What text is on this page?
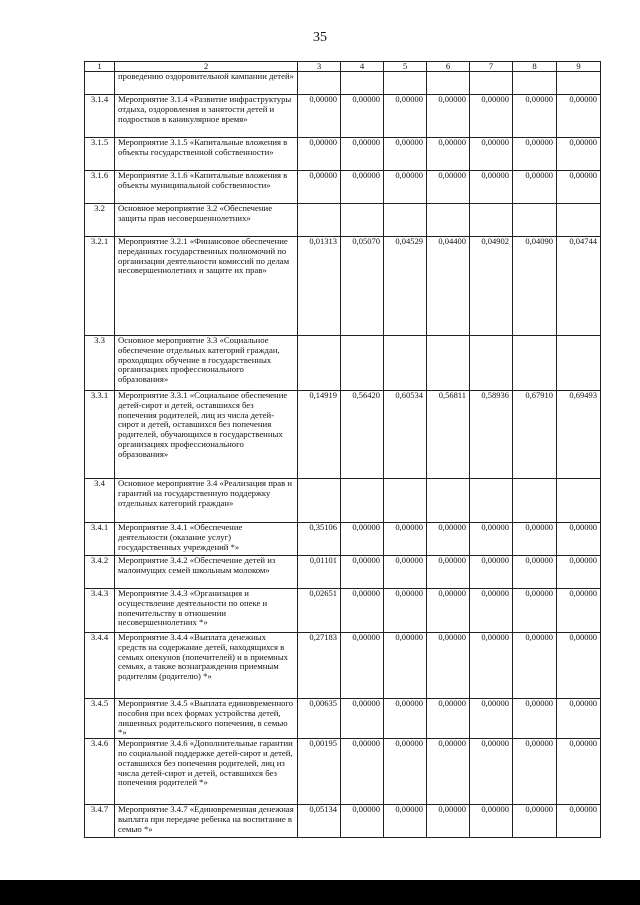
35
1	2	3	4	5	6	7	8	9
	проведению оздоровительной кампании детей»							
3.1.4	Мероприятие 3.1.4 «Развитие инфраструктуры отдыха, оздоровления и занятости детей и подростков в каникулярное время»	0,00000	0,00000	0,00000	0,00000	0,00000	0,00000	0,00000
3.1.5	Мероприятие 3.1.5 «Капитальные вложения в объекты государственной собственности»	0,00000	0,00000	0,00000	0,00000	0,00000	0,00000	0,00000
3.1.6	Мероприятие 3.1.6 «Капитальные вложения в объекты муниципальной собственности»	0,00000	0,00000	0,00000	0,00000	0,00000	0,00000	0,00000
3.2	Основное мероприятие 3.2 «Обеспечение защиты прав несовершеннолетних»							
3.2.1	Мероприятие 3.2.1 «Финансовое обеспечение переданных государственных полномочий по организации деятельности комиссий по делам несовершеннолетних и защите их прав»	0,01313	0,05070	0,04529	0,04400	0,04902	0,04090	0,04744
3.3	Основное мероприятие 3.3 «Социальное обеспечение отдельных категорий граждан, проходящих обучение в государственных организациях профессионального образования»							
3.3.1	Мероприятие 3.3.1 «Социальное обеспечение детей-сирот и детей, оставшихся без попечения родителей, лиц из числа детей-сирот и детей, оставшихся без попечения родителей, обучающихся в государственных организациях профессионального образования»	0,14919	0,56420	0,60534	0,56811	0,58936	0,67910	0,69493
3.4	Основное мероприятие 3.4 «Реализация прав и гарантий на государственную поддержку отдельных категорий граждан»							
3.4.1	Мероприятие 3.4.1 «Обеспечение деятельности (оказание услуг) государственных учреждений *»	0,35106	0,00000	0,00000	0,00000	0,00000	0,00000	0,00000
3.4.2	Мероприятие 3.4.2 «Обеспечение детей из малоимущих семей школьным молоком»	0,01101	0,00000	0,00000	0,00000	0,00000	0,00000	0,00000
3.4.3	Мероприятие 3.4.3 «Организация и осуществление деятельности по опеке и попечительству в отношении несовершеннолетних *»	0,02651	0,00000	0,00000	0,00000	0,00000	0,00000	0,00000
3.4.4	Мероприятие 3.4.4 «Выплата денежных средств на содержание детей, находящихся в семьях опекунов (попечителей) и в приемных семьях, а также вознаграждения приемным родителям (родителю) *»	0,27183	0,00000	0,00000	0,00000	0,00000	0,00000	0,00000
3.4.5	Мероприятие 3.4.5 «Выплата единовременного пособия при всех формах устройства детей, лишенных родительского попечения, в семью *»	0,00635	0,00000	0,00000	0,00000	0,00000	0,00000	0,00000
3.4.6	Мероприятие 3.4.6 «Дополнительные гарантии по социальной поддержке детей-сирот и детей, оставшихся без попечения родителей, лиц из числа детей-сирот и детей, оставшихся без попечения родителей *»	0,00195	0,00000	0,00000	0,00000	0,00000	0,00000	0,00000
3.4.7	Мероприятие 3.4.7 «Единовременная денежная выплата при передаче ребенка на воспитание в семью *»	0,05134	0,00000	0,00000	0,00000	0,00000	0,00000	0,00000
